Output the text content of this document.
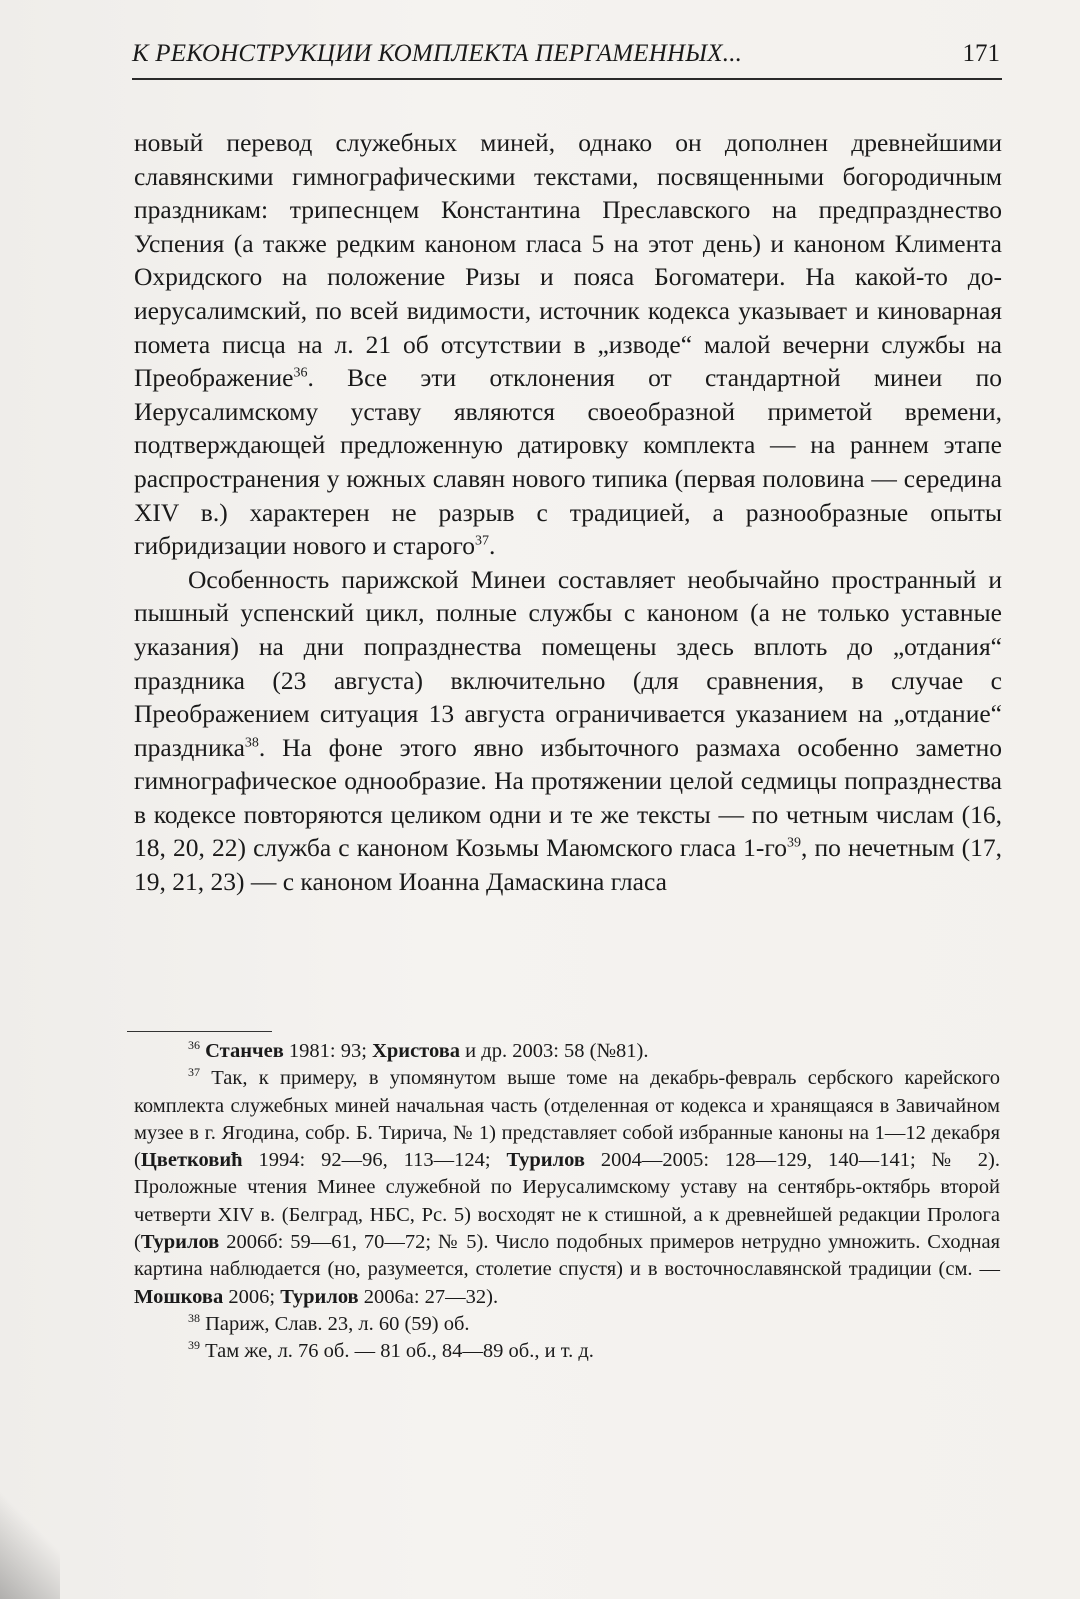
К РЕКОНСТРУКЦИИ КОМПЛЕКТА ПЕРГАМЕННЫХ...	171

новый перевод служебных миней, однако он дополнен древнейшими славянскими гимнографическими текстами, посвященными богородичным праздникам: трипеснцем Константина Преславского на предпразднество Успения (а также редким каноном гласа 5 на этот день) и каноном Климента Охридского на положение Ризы и пояса Богоматери. На какой-то до-иерусалимский, по всей видимости, источник кодекса указывает и киноварная помета писца на л. 21 об отсутствии в „изводе“ малой вечерни службы на Преображение$^{36}$. Все эти отклонения от стандартной минеи по Иерусалимскому уставу являются своеобразной приметой времени, подтверждающей предложенную датировку комплекта — на раннем этапе распространения у южных славян нового типика (первая половина — середина XIV в.) характерен не разрыв с традицией, а разнообразные опыты гибридизации нового и старого$^{37}$.

Особенность парижской Минеи составляет необычайно пространный и пышный успенский цикл, полные службы с каноном (а не только уставные указания) на дни попразднества помещены здесь вплоть до „отдания“ праздника (23 августа) включительно (для сравнения, в случае с Преображением ситуация 13 августа ограничивается указанием на „отдание“ праздника$^{38}$. На фоне этого явно избыточного размаха особенно заметно гимнографическое однообразие. На протяжении целой седмицы попразднества в кодексе повторяются целиком одни и те же тексты — по четным числам (16, 18, 20, 22) служба с каноном Козьмы Маюмского гласа $1-го^{39}$, по нечетным (17, 19, 21, 23) — с каноном Иоанна Дамаскина гласа

$^{36}$ Станчев 1981: 93; Христова и др. 2003: 58 (№81).

$^{37}$ Так, к примеру, в упомянутом выше томе на декабрь-февраль сербского карейского комплекта служебных миней начальная часть (отделенная от кодекса и хранящаяся в Завичайном музее в г. Ягодина, собр. Б. Тирича, № 1) представляет собой избранные каноны на 1—12 декабря (Цветковић 1994: 92—96, 113—124; Турилов 2004—2005: 128—129, 140—141; № 2). Проложные чтения Минее служебной по Иерусалимскому уставу на сентябрь-октябрь второй четверти XIV в. (Белград, НБС, Рс. 5) восходят не к стишной, а к древнейшей редакции Пролога (Турилов 2006б: 59—61, 70—72; № 5). Число подобных примеров нетрудно умножить. Сходная картина наблюдается (но, разумеется, столетие спустя) и в восточнославянской традиции (см. — Мошкова 2006; Турилов 2006а: 27—32).

$^{38}$ Париж, Слав. 23, л. 60 (59) об.

$^{39}$ Там же, л. 76 об. — 81 об., 84—89 об., и т. д.
